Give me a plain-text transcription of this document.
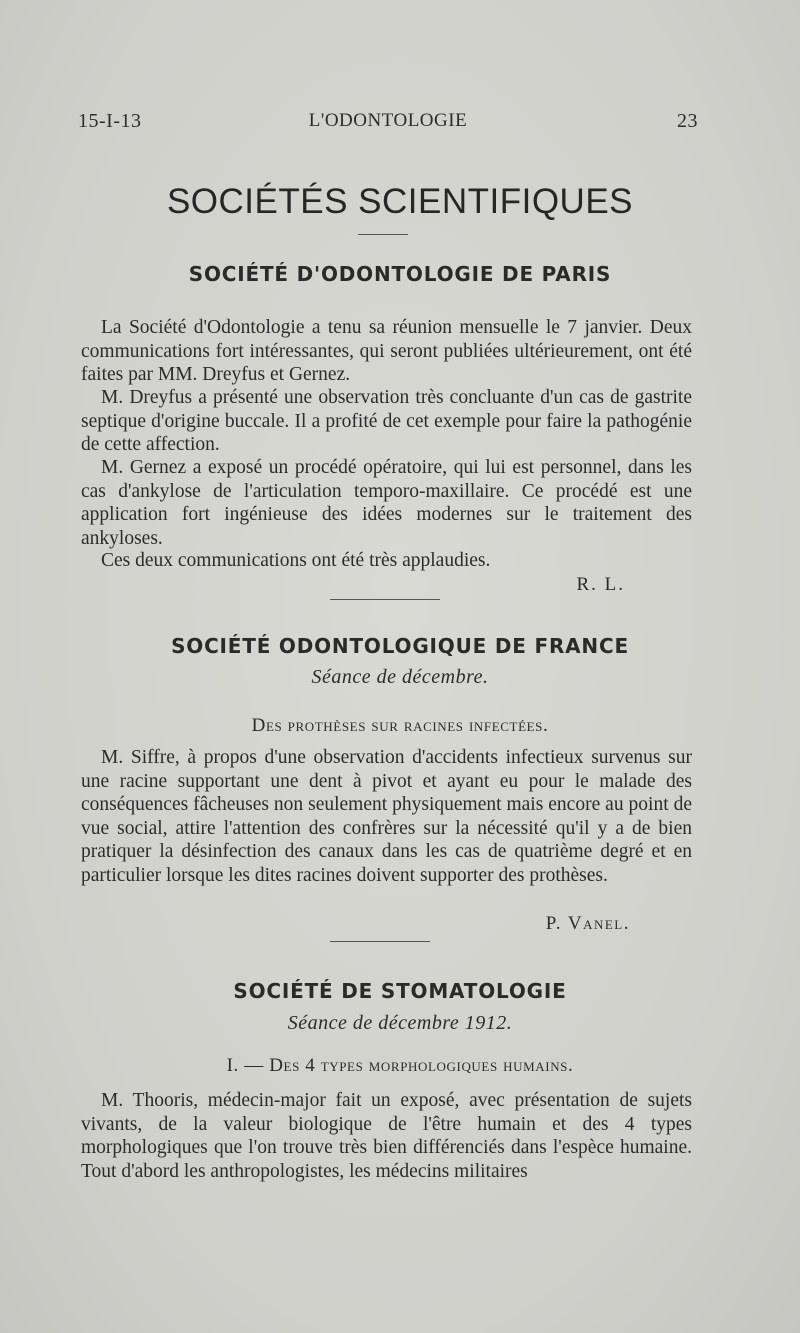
15-I-13	L'ODONTOLOGIE	23
SOCIÉTÉS SCIENTIFIQUES
SOCIÉTÉ D'ODONTOLOGIE DE PARIS
La Société d'Odontologie a tenu sa réunion mensuelle le 7 janvier. Deux communications fort intéressantes, qui seront publiées ultérieurement, ont été faites par MM. Dreyfus et Gernez.
M. Dreyfus a présenté une observation très concluante d'un cas de gastrite septique d'origine buccale. Il a profité de cet exemple pour faire la pathogénie de cette affection.
M. Gernez a exposé un procédé opératoire, qui lui est personnel, dans les cas d'ankylose de l'articulation temporo-maxillaire. Ce procédé est une application fort ingénieuse des idées modernes sur le traitement des ankyloses.
Ces deux communications ont été très applaudies.
R. L.
SOCIÉTÉ ODONTOLOGIQUE DE FRANCE
Séance de décembre.
Des prothèses sur racines infectées.
M. Siffre, à propos d'une observation d'accidents infectieux survenus sur une racine supportant une dent à pivot et ayant eu pour le malade des conséquences fâcheuses non seulement physiquement mais encore au point de vue social, attire l'attention des confrères sur la nécessité qu'il y a de bien pratiquer la désinfection des canaux dans les cas de quatrième degré et en particulier lorsque les dites racines doivent supporter des prothèses.
P. Vanel.
SOCIÉTÉ DE STOMATOLOGIE
Séance de décembre 1912.
I. — Des 4 types morphologiques humains.
M. Thooris, médecin-major fait un exposé, avec présentation de sujets vivants, de la valeur biologique de l'être humain et des 4 types morphologiques que l'on trouve très bien différenciés dans l'espèce humaine. Tout d'abord les anthropologistes, les médecins militaires
